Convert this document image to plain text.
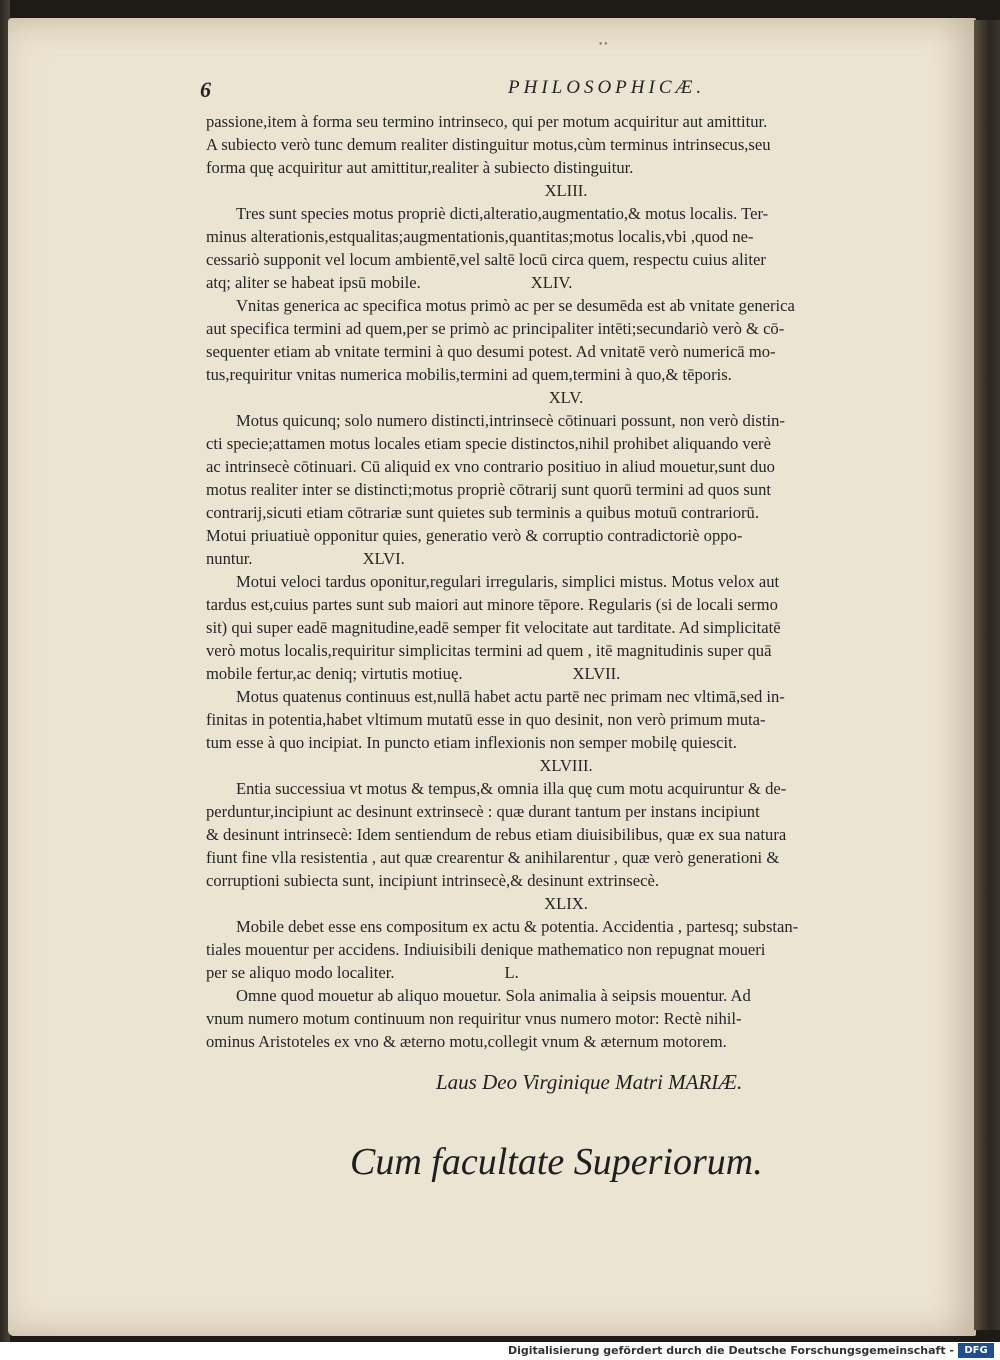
••
6	PHILOSOPHICÆ.
passione,item à forma seu termino intrinseco, qui per motum acquiritur aut amittitur.
A subiecto verò tunc demum realiter distinguitur motus,cùm terminus intrinsecus,seu
forma quę acquiritur aut amittitur,realiter à subiecto distinguitur.
XLIII.
Tres sunt species motus propriè dicti,alteratio,augmentatio,& motus localis. Ter-
minus alterationis,estqualitas;augmentationis,quantitas;motus localis,vbi ,quod ne-
cessariò supponit vel locum ambientē,vel saltē locū circa quem, respectu cuius aliter
atq; aliter se habeat ipsū mobile.	XLIV.
Vnitas generica ac specifica motus primò ac per se desumēda est ab vnitate generica
aut specifica termini ad quem,per se primò ac principaliter intēti;secundariò verò & cō-
sequenter etiam ab vnitate termini à quo desumi potest. Ad vnitatē verò numericā mo-
tus,requiritur vnitas numerica mobilis,termini ad quem,termini à quo,& tēporis.
XLV.
Motus quicunq; solo numero distincti,intrinsecè cōtinuari possunt, non verò distin-
cti specie;attamen motus locales etiam specie distinctos,nihil prohibet aliquando verè
ac intrinsecè cōtinuari. Cū aliquid ex vno contrario positiuo in aliud mouetur,sunt duo
motus realiter inter se distincti;motus propriè cōtrarij sunt quorū termini ad quos sunt
contrarij,sicuti etiam cōtrariæ sunt quietes sub terminis a quibus motuū contrariorū.
Motui priuatiuè opponitur quies, generatio verò & corruptio contradictoriè oppo-
nuntur.	XLVI.
Motui veloci tardus oponitur,regulari irregularis, simplici mistus. Motus velox aut
tardus est,cuius partes sunt sub maiori aut minore tēpore. Regularis (si de locali sermo
sit) qui super eadē magnitudine,eadē semper fit velocitate aut tarditate. Ad simplicitatē
verò motus localis,requiritur simplicitas termini ad quem , itē magnitudinis super quā
mobile fertur,ac deniq; virtutis motiuę.	XLVII.
Motus quatenus continuus est,nullā habet actu partē nec primam nec vltimā,sed in-
finitas in potentia,habet vltimum mutatū esse in quo desinit, non verò primum muta-
tum esse à quo incipiat. In puncto etiam inflexionis non semper mobilę quiescit.
XLVIII.
Entia successiua vt motus & tempus,& omnia illa quę cum motu acquiruntur & de-
perduntur,incipiunt ac desinunt extrinsecè : quæ durant tantum per instans incipiunt
& desinunt intrinsecè: Idem sentiendum de rebus etiam diuisibilibus, quæ ex sua natura
fiunt fine vlla resistentia , aut quæ crearentur & anihilarentur , quæ verò generationi &
corruptioni subiecta sunt, incipiunt intrinsecè,& desinunt extrinsecè.
XLIX.
Mobile debet esse ens compositum ex actu & potentia. Accidentia , partesq; substan-
tiales mouentur per accidens. Indiuisibili denique mathematico non repugnat moueri
per se aliquo modo localiter.	L.
Omne quod mouetur ab aliquo mouetur. Sola animalia à seipsis mouentur. Ad
vnum numero motum continuum non requiritur vnus numero motor: Rectè nihil-
ominus Aristoteles ex vno & æterno motu,collegit vnum & æternum motorem.
Laus Deo Virginique Matri MARIÆ.
Cum facultate Superiorum.
Digitalisierung gefördert durch die Deutsche Forschungsgemeinschaft -	DFG
